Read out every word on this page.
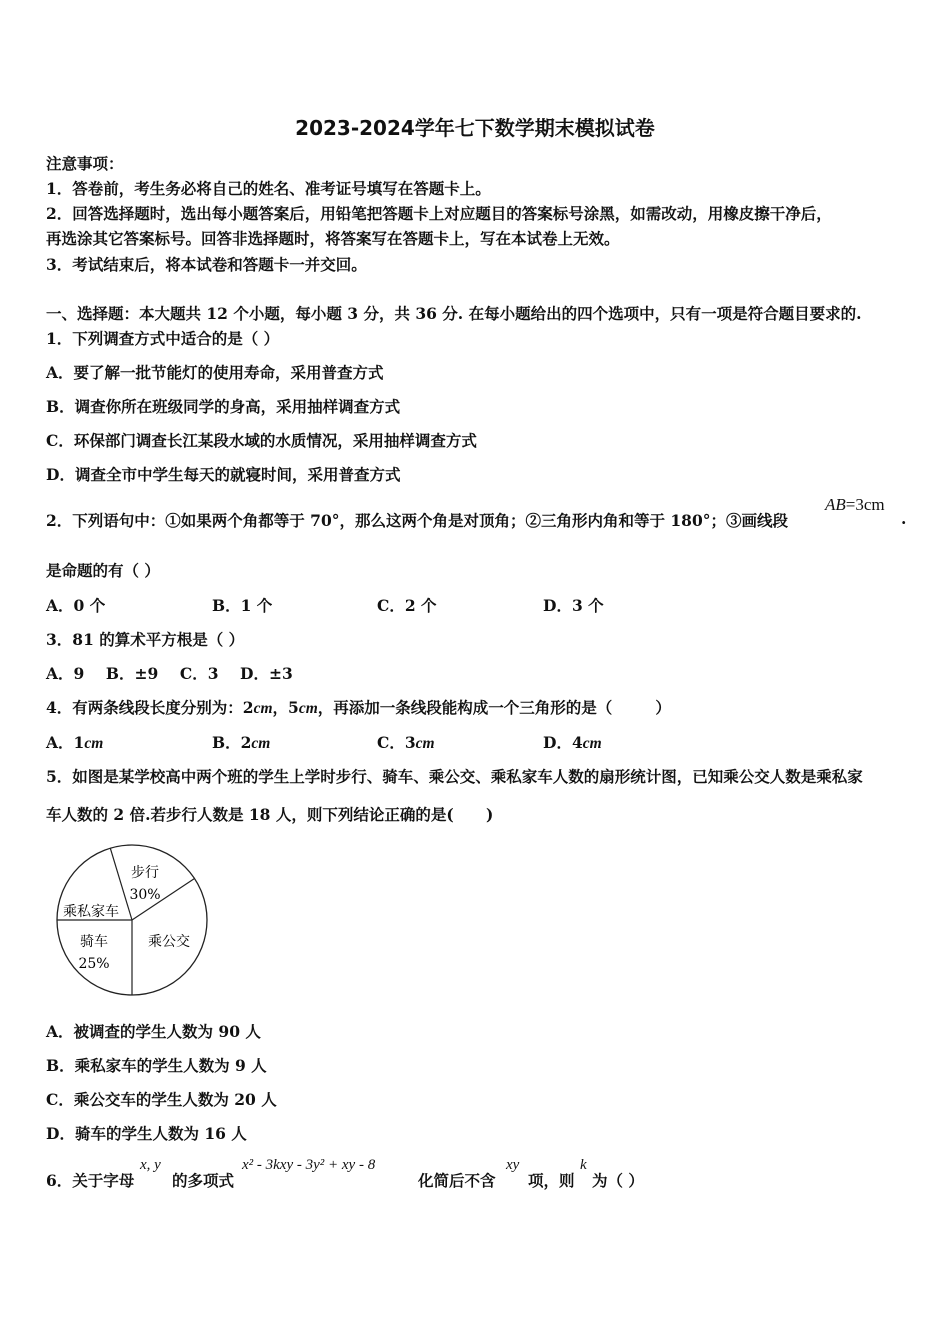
2023-2024学年七下数学期末模拟试卷
注意事项：
1．答卷前，考生务必将自己的姓名、准考证号填写在答题卡上。
2．回答选择题时，选出每小题答案后，用铅笔把答题卡上对应题目的答案标号涂黑，如需改动，用橡皮擦干净后，
再选涂其它答案标号。回答非选择题时，将答案写在答题卡上，写在本试卷上无效。
3．考试结束后，将本试卷和答题卡一并交回。
一、选择题：本大题共 12 个小题，每小题 3 分，共 36 分. 在每小题给出的四个选项中，只有一项是符合题目要求的.
1．下列调查方式中适合的是（ ）
A．要了解一批节能灯的使用寿命，采用普查方式
B．调查你所在班级同学的身高，采用抽样调查方式
C．环保部门调查长江某段水域的水质情况，采用抽样调查方式
D．调查全市中学生每天的就寝时间，采用普查方式
2．下列语句中：①如果两个角都等于 70°，那么这两个角是对顶角；②三角形内角和等于 180°；③画线段
AB=3cm
.
是命题的有（ ）
A．0 个	B．1 个	C．2 个	D．3 个
3．81 的算术平方根是（ ）
A．9    B．±9    C．3    D．±3
4．有两条线段长度分别为：2cm，5cm，再添加一条线段能构成一个三角形的是（        ）
A．1cm	B．2cm	C．3cm	D．4cm
5．如图是某学校高中两个班的学生上学时步行、骑车、乘公交、乘私家车人数的扇形统计图，已知乘公交人数是乘私家
车人数的 2 倍.若步行人数是 18 人，则下列结论正确的是(      )
步行
30%
乘公交
骑车
25%
乘私家车
A．被调查的学生人数为 90 人
B．乘私家车的学生人数为 9 人
C．乘公交车的学生人数为 20 人
D．骑车的学生人数为 16 人
6．关于字母
x, y
的多项式
x² - 3kxy - 3y² + xy - 8
化简后不含
xy
项，则
k
为（ ）
